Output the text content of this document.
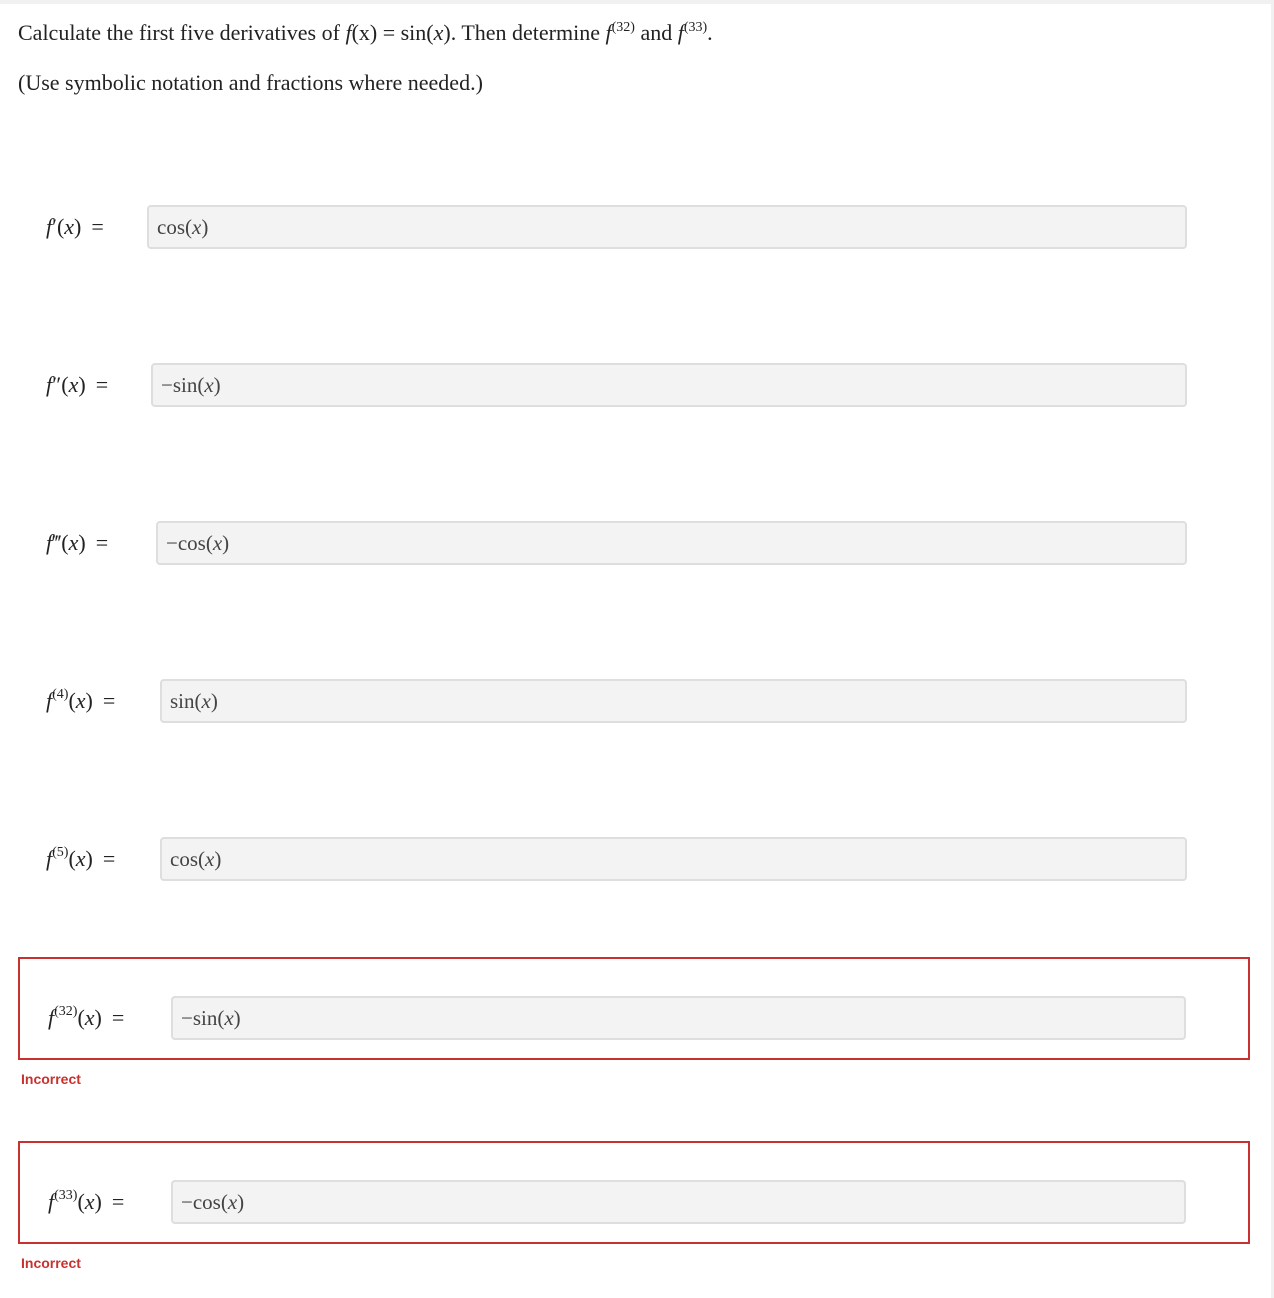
Calculate the first five derivatives of f(x) = sin(x). Then determine $f^{(32)}$ and $f^{(33)}$.
(Use symbolic notation and fractions where needed.)
f′(x) =	cos(x)
f″(x) =	−sin(x)
f‴(x) =	−cos(x)
$f^{(4)}(x)$ =	sin(x)
$f^{(5)}(x)$ =	cos(x)
$f^{(32)}(x)$ =	−sin(x)
Incorrect
$f^{(33)}(x)$ =	−cos(x)
Incorrect
